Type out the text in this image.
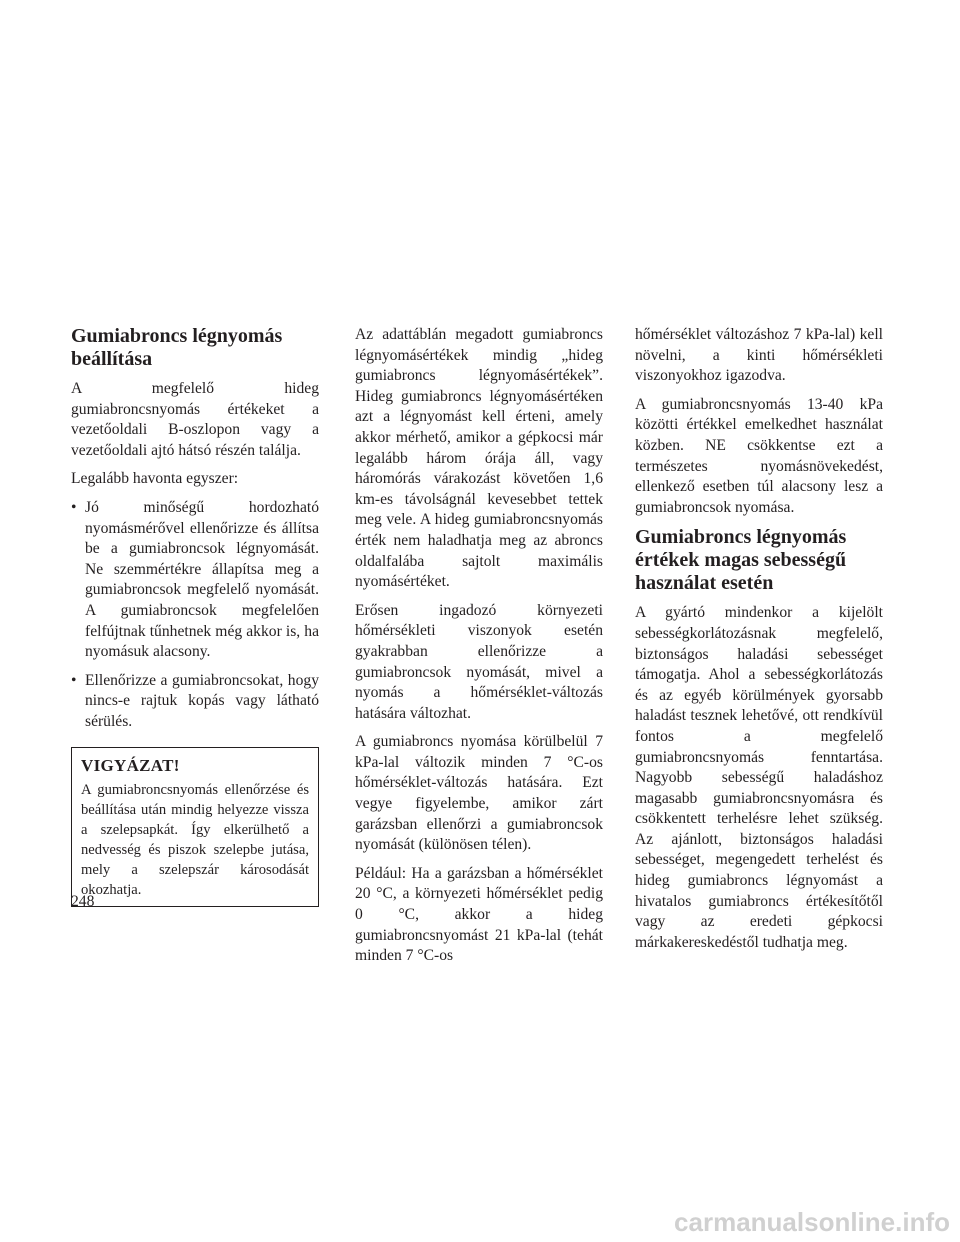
Gumiabroncs légnyomás beállítása

A megfelelő hideg gumiabroncsnyomás értékeket a vezetőoldali B-oszlopon vagy a vezetőoldali ajtó hátsó részén találja.

Legalább havonta egyszer:

• Jó minőségű hordozható nyomásmérővel ellenőrizze és állítsa be a gumiabroncsok légnyomását. Ne szemmértékre állapítsa meg a gumiabroncsok megfelelő nyomását. A gumiabroncsok megfelelően felfújtnak tűnhetnek még akkor is, ha nyomásuk alacsony.
• Ellenőrizze a gumiabroncsokat, hogy nincs-e rajtuk kopás vagy látható sérülés.
VIGYÁZAT!

A gumiabroncsnyomás ellenőrzése és beállítása után mindig helyezze vissza a szelepsapkát. Így elkerülhető a nedvesség és piszok szelepbe jutása, mely a szelepszár károsodását okozhatja.

Az adattáblán megadott gumiabroncs légnyomásértékek mindig „hideg gumiabroncs légnyomásértékek”. Hideg gumiabroncs légnyomásértéken azt a légnyomást kell érteni, amely akkor mérhető, amikor a gépkocsi már legalább három órája áll, vagy háromórás várakozást követően 1,6 km-es távolságnál kevesebbet tettek meg vele. A hideg gumiabroncsnyomás érték nem haladhatja meg az abroncs oldalfalába sajtolt maximális nyomásértéket.

Erősen ingadozó környezeti hőmérsékleti viszonyok esetén gyakrabban ellenőrizze a gumiabroncsok nyomását, mivel a nyomás a hőmérséklet-változás hatására változhat.

A gumiabroncs nyomása körülbelül 7 kPa-lal változik minden 7 °C-os hőmérséklet-változás hatására. Ezt vegye figyelembe, amikor zárt garázsban ellenőrzi a gumiabroncsok nyomását (különösen télen).

Például: Ha a garázsban a hőmérséklet 20 °C, a környezeti hőmérséklet pedig 0 °C, akkor a hideg gumiabroncsnyomást 21 kPa-lal (tehát minden 7 °C-os

hőmérséklet változáshoz 7 kPa-lal) kell növelni, a kinti hőmérsékleti viszonyokhoz igazodva.

A gumiabroncsnyomás 13-40 kPa közötti értékkel emelkedhet használat közben. NE csökkentse ezt a természetes nyomásnövekedést, ellenkező esetben túl alacsony lesz a gumiabroncsok nyomása.

Gumiabroncs légnyomás értékek magas sebességű használat esetén

A gyártó mindenkor a kijelölt sebességkorlátozásnak megfelelő, biztonságos haladási sebességet támogatja. Ahol a sebességkorlátozás és az egyéb körülmények gyorsabb haladást tesznek lehetővé, ott rendkívül fontos a megfelelő gumiabroncsnyomás fenntartása. Nagyobb sebességű haladáshoz magasabb gumiabroncsnyomásra és csökkentett terhelésre lehet szükség. Az ajánlott, biztonságos haladási sebességet, megengedett terhelést és hideg gumiabroncs légnyomást a hivatalos gumiabroncs értékesítőtől vagy az eredeti gépkocsi márkakereskedéstől tudhatja meg.

248
carmanualsonline.info
